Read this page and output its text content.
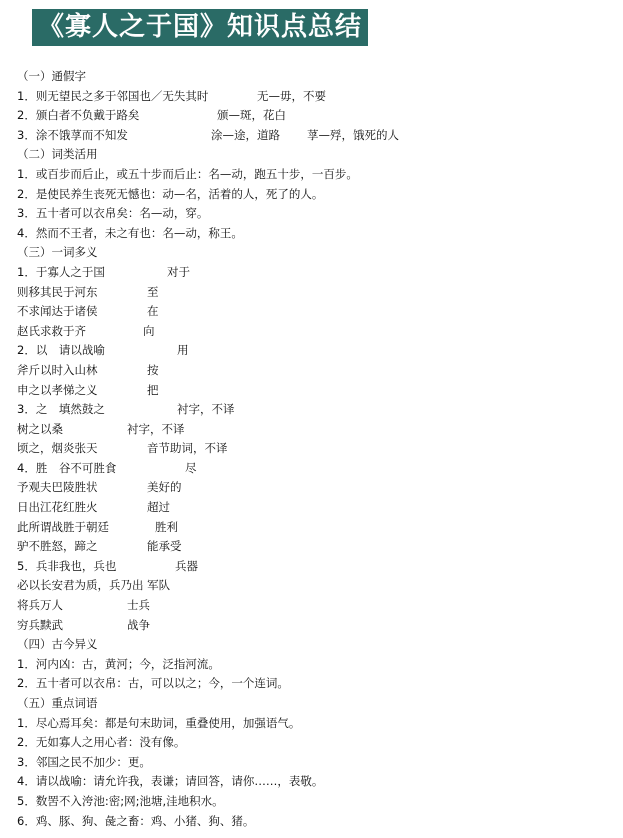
《寡人之于国》知识点总结
（一）通假字
1．则无望民之多于邻国也／无失其时	无—毋，不要
2．颁白者不负戴于路矣	颁—斑，花白
3．涂不饿莩而不知发	涂—途，道路 莩—殍，饿死的人
（二）词类活用
1．或百步而后止，或五十步而后止：名—动，跑五十步，一百步。
2．是使民养生丧死无憾也：动—名，活着的人，死了的人。
3．五十者可以衣帛矣：名—动，穿。
4．然而不王者，未之有也：名—动，称王。
（三）一词多义
1．于寡人之于国	对于
则移其民于河东	至
不求闻达于诸侯	在
赵氏求救于齐	向
2．以　请以战喻	用
斧斤以时入山林	按
申之以孝悌之义	把
3．之　填然鼓之	衬字，不译
树之以桑	衬字，不译
顷之，烟炎张天	音节助词，不译
4．胜　谷不可胜食	尽
予观夫巴陵胜状	美好的
日出江花红胜火	超过
此所谓战胜于朝廷	胜利
驴不胜怒，蹄之	能承受
5．兵非我也，兵也	兵器
必以长安君为质，兵乃出 军队
将兵万人	士兵
穷兵黩武	战争
（四）古今异义
1．河内凶：古，黄河；今，泛指河流。
2．五十者可以衣帛：古，可以以之；今，一个连词。
（五）重点词语
1．尽心焉耳矣：都是句末助词，重叠使用，加强语气。
2．无如寡人之用心者：没有像。
3．邻国之民不加少：更。
4．请以战喻：请允许我，表谦；请回答，请你……，表敬。
5．数罟不入洿池:密;网;池塘,洼地积水。
6．鸡、豚、狗、彘之畜：鸡、小猪、狗、猪。
